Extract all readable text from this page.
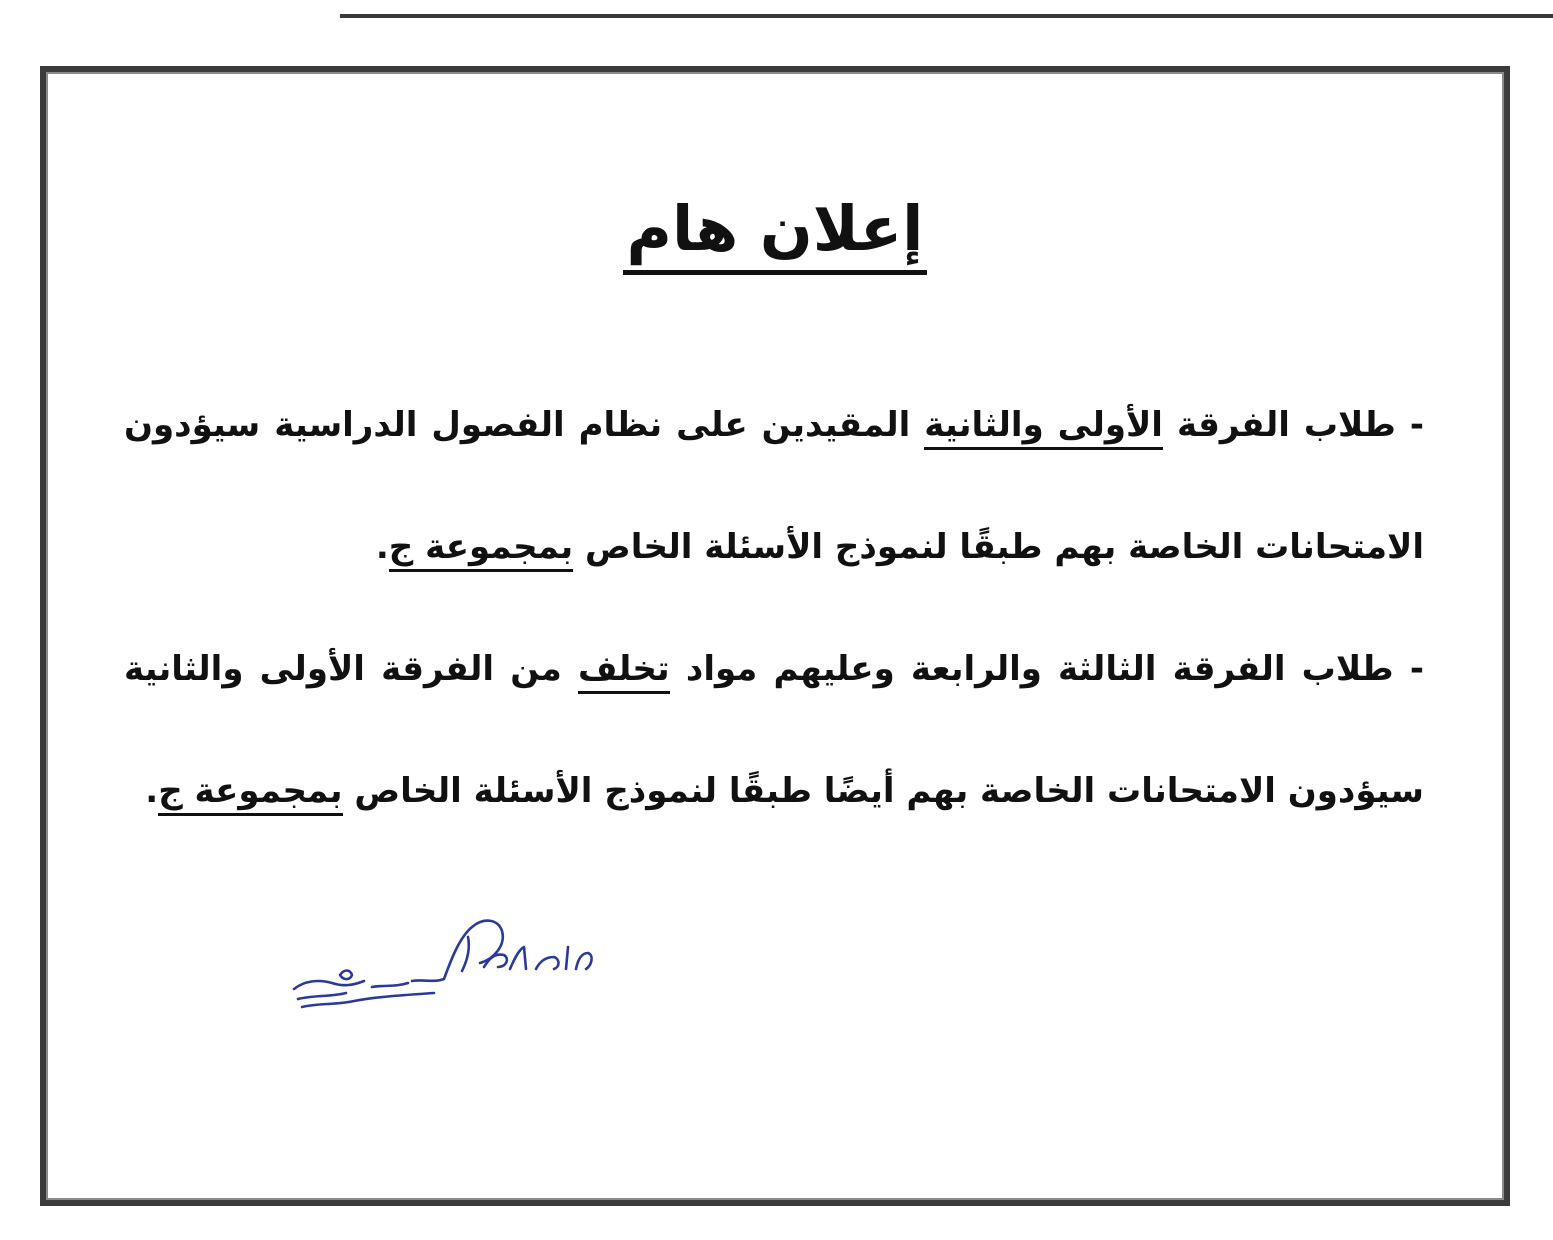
إعلان هام

- طلاب الفرقة الأولى والثانية المقيدين على نظام الفصول الدراسية سيؤدون الامتحانات الخاصة بهم طبقًا لنموذج الأسئلة الخاص بمجموعة ج.

- طلاب الفرقة الثالثة والرابعة وعليهم مواد تخلف من الفرقة الأولى والثانية سيؤدون الامتحانات الخاصة بهم أيضًا طبقًا لنموذج الأسئلة الخاص بمجموعة ج.
